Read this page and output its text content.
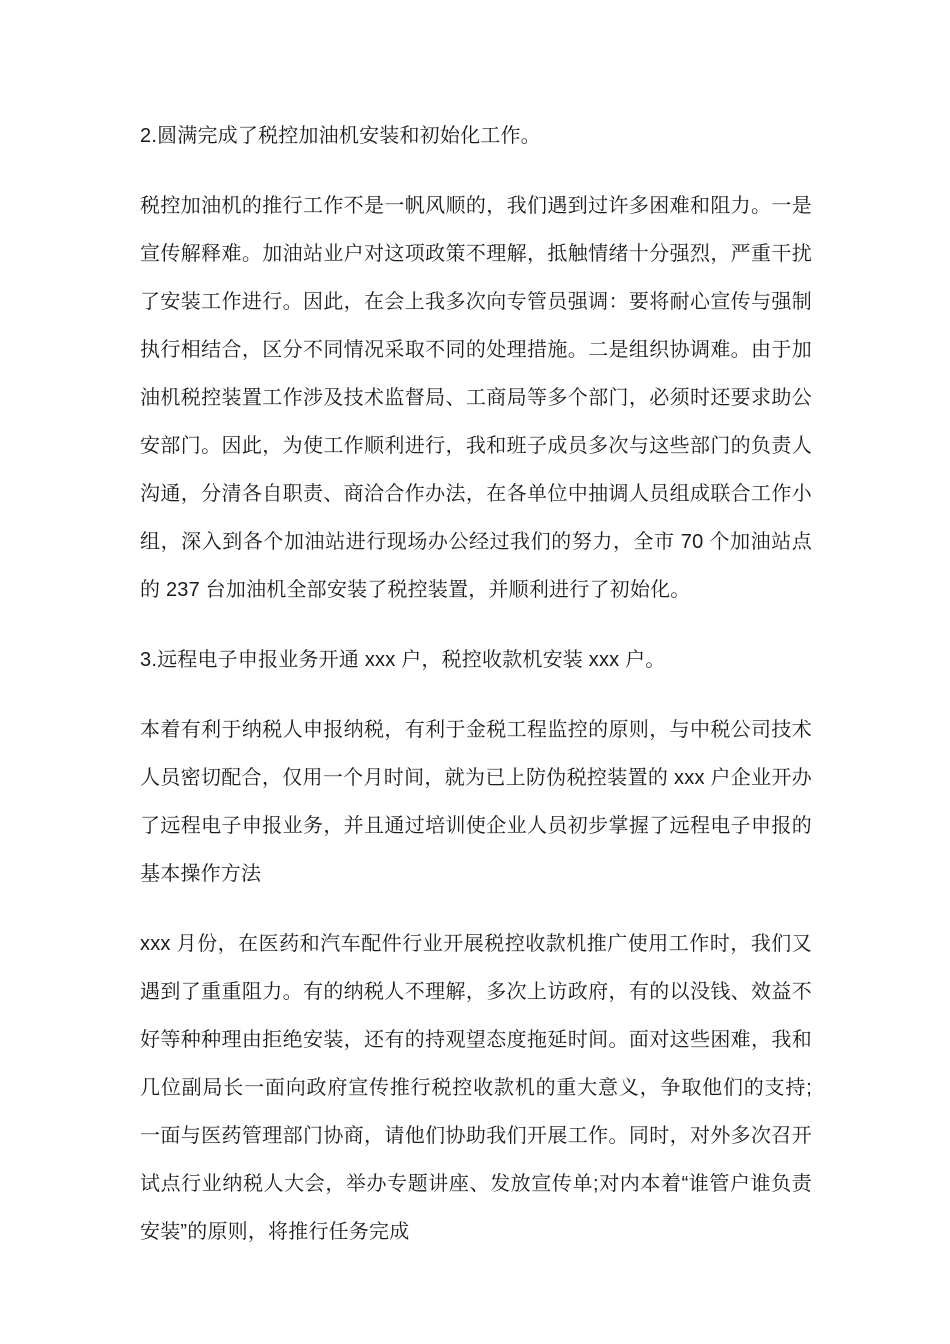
2.圆满完成了税控加油机安装和初始化工作。

税控加油机的推行工作不是一帆风顺的，我们遇到过许多困难和阻力。一是宣传解释难。加油站业户对这项政策不理解，抵触情绪十分强烈，严重干扰了安装工作进行。因此，在会上我多次向专管员强调：要将耐心宣传与强制执行相结合，区分不同情况采取不同的处理措施。二是组织协调难。由于加油机税控装置工作涉及技术监督局、工商局等多个部门，必须时还要求助公安部门。因此，为使工作顺利进行，我和班子成员多次与这些部门的负责人沟通，分清各自职责、商洽合作办法，在各单位中抽调人员组成联合工作小组，深入到各个加油站进行现场办公经过我们的努力，全市 70 个加油站点的 237 台加油机全部安装了税控装置，并顺利进行了初始化。

3.远程电子申报业务开通 xxx 户，税控收款机安装 xxx 户。

本着有利于纳税人申报纳税，有利于金税工程监控的原则，与中税公司技术人员密切配合，仅用一个月时间，就为已上防伪税控装置的 xxx 户企业开办了远程电子申报业务，并且通过培训使企业人员初步掌握了远程电子申报的基本操作方法

xxx 月份，在医药和汽车配件行业开展税控收款机推广使用工作时，我们又遇到了重重阻力。有的纳税人不理解，多次上访政府，有的以没钱、效益不好等种种理由拒绝安装，还有的持观望态度拖延时间。面对这些困难，我和几位副局长一面向政府宣传推行税控收款机的重大意义，争取他们的支持;一面与医药管理部门协商，请他们协助我们开展工作。同时，对外多次召开试点行业纳税人大会，举办专题讲座、发放宣传单;对内本着“谁管户谁负责安装”的原则，将推行任务完成
